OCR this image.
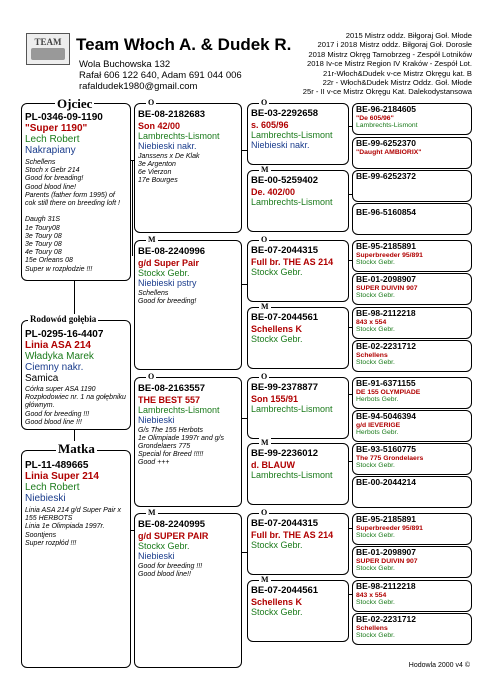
TEAM Team Włoch A. & Dudek R.
Wola Buchowska 132
Rafał 606 122 640, Adam 691 044 006
rafaldudek1980@gmail.com
2015 Mistrz oddz. Biłgoraj Goł. Młode
2017 i 2018 Mistrz oddz. Biłgoraj Goł. Dorosłe
2018 Mistrz Okręg Tarnobrzeg - Zespół Lotników
2018 Iv-ce Mistrz Region IV Kraków - Zespół Lot.
21r-Włoch&Dudek v-ce Mistrz Okręgu kat. B
22r - Włoch&Dudek Mistrz Oddz. Goł. Młode
25r - II v-ce Mistrz Okręgu Kat. Dalekodystansowa
PL-0346-09-1190
"Super 1190"
Lech Robert
Nakrapiany
Schellens
Stoch x Gebr 214
Good for breading!
Good blood line!
Parents (father form 1995) of cok still there on breeding loft !

Daugh 31S
1e Toury08
3e Toury 08
3e Toury 08
4e Toury 08
15e Orleans 08
Super w rozpłodzie !!!
Ojciec
PL-0295-16-4407
Linia ASA 214
Władyka Marek
Ciemny nakr.
Samica
Córka super ASA 1190
Rozpłodowiec nr. 1 na gołębniku głównym.
Good for breeding !!!
Good blood line !!!
Rodowód gołębia
PL-11-489665
Linia Super 214
Lech Robert
Niebieski
Linia ASA 214 g/d Super Pair x 155 HERBOTS
Linia 1e Olimpiada 1997r.
Soontjens
Super rozpłód !!!
Matka
BE-08-2182683
Son 42/00
Lambrechts-Lismont
Niebieski nakr.
Janssens x De Klak
3e Argenton
6e Vierzon
17e Bourges
O
BE-08-2240996
g/d Super Pair
Stockx Gebr.
Niebieski pstry
Schellens
Good for breeding!
M
BE-08-2163557
THE BEST 557
Lambrechts-Lismont
Niebieski
G/s The 155 Herbots
1e Olimpiade 1997r and g/s Grondelaers 775
Special for Breed !!!!!
Good +++
O
BE-08-2240995
g/d SUPER PAIR
Stockx Gebr.
Niebieski
Good for breeding !!!
Good blood line!!
M
BE-03-2292658
s. 605/96
Lambrechts-Lismont
Niebieski nakr.
O
BE-00-5259402
De. 402/00
Lambrechts-Lismont
M
BE-07-2044315
Full br. THE AS 214
Stockx Gebr.
O
BE-07-2044561
Schellens K
Stockx Gebr.
M
BE-99-2378877
Son 155/91
Lambrechts-Lismont
O
BE-99-2236012
d. BLAUW
Lambrechts-Lismont
M
BE-07-2044315
Full br. THE AS 214
Stockx Gebr.
O
BE-07-2044561
Schellens K
Stockx Gebr.
M
BE-96-2184605
"De 605/96"
Lambrechts-Lismont
BE-99-6252370
"Daught AMBIORIX"
BE-99-6252372
BE-96-5160854
BE-95-2185891
Superbreeder 95/891
Stockx Gebr.
BE-01-2098907
SUPER DUIVIN 907
Stockx Gebr.
BE-98-2112218
843 x 554
Stockx Gebr.
BE-02-2231712
Schellens
Stockx Gebr.
BE-91-6371155
DE 155 OLYMPIADE
Herbots Gebr.
BE-94-5046394
g/d IEVERIGE
Herbots Gebr.
BE-93-5160775
The 775 Grondelaers
Stockx Gebr.
BE-00-2044214
BE-95-2185891
Superbreeder 95/891
Stockx Gebr.
BE-01-2098907
SUPER DUIVIN 907
Stockx Gebr.
BE-98-2112218
843 x 554
Stockx Gebr.
BE-02-2231712
Schellens
Stockx Gebr.
Hodowla 2000 v4 ©
